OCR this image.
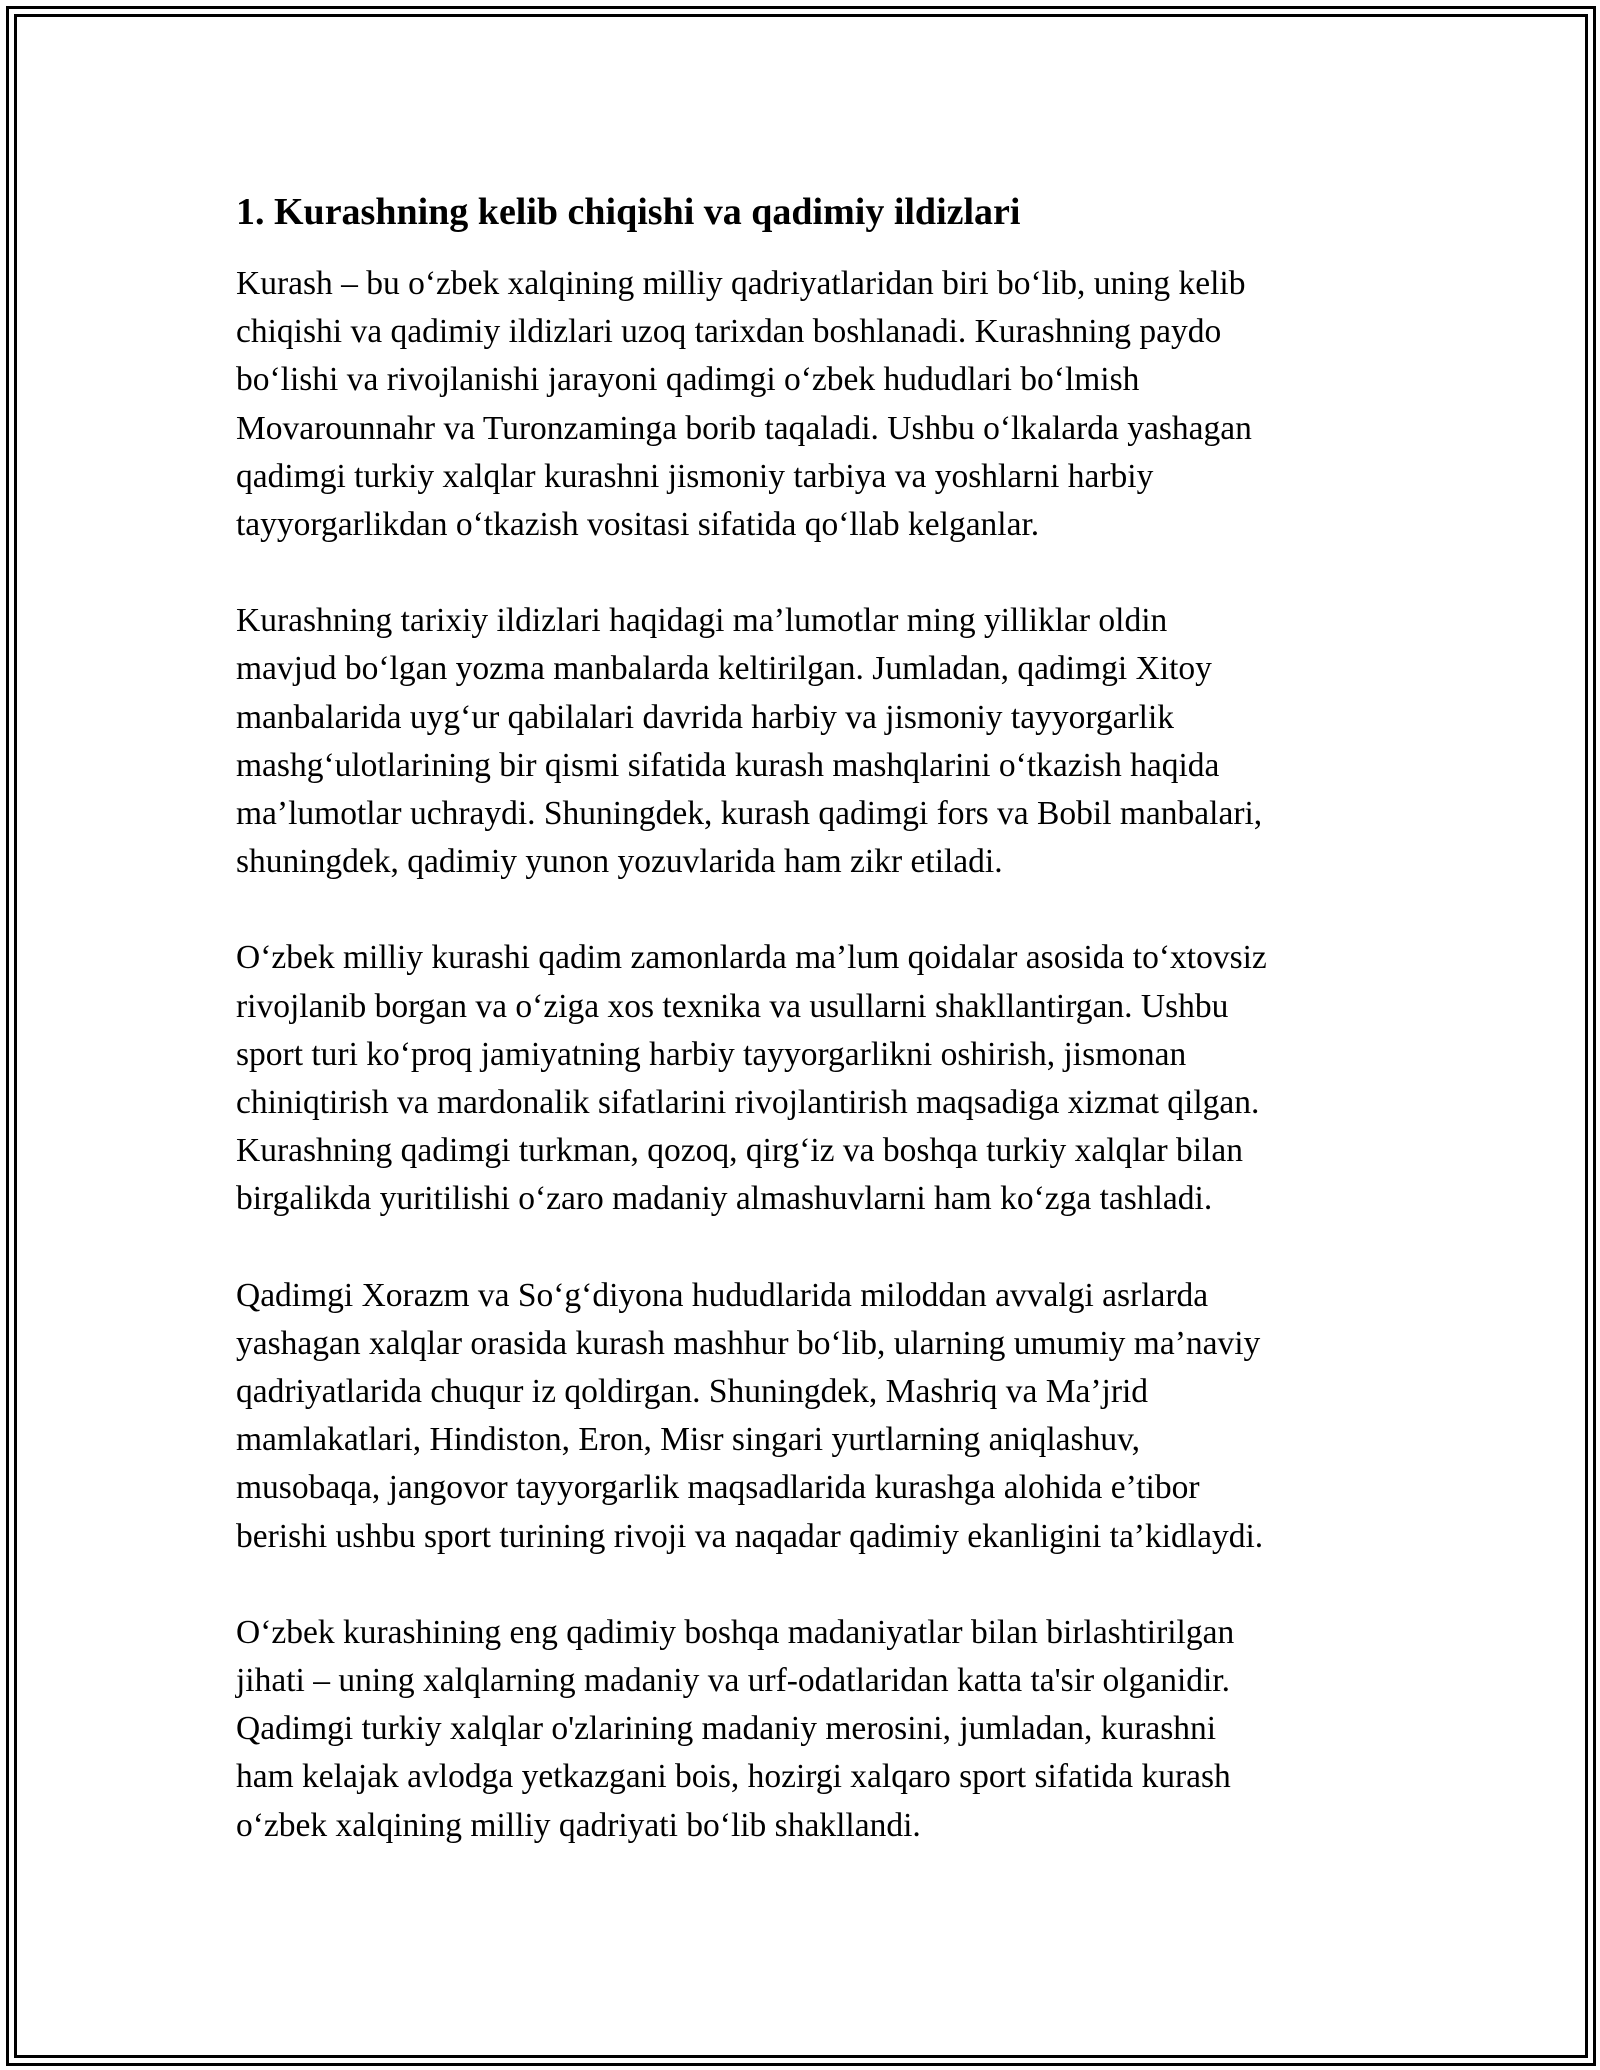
1. Kurashning kelib chiqishi va qadimiy ildizlari

Kurash – bu o‘zbek xalqining milliy qadriyatlaridan biri bo‘lib, uning kelib
chiqishi va qadimiy ildizlari uzoq tarixdan boshlanadi. Kurashning paydo
bo‘lishi va rivojlanishi jarayoni qadimgi o‘zbek hududlari bo‘lmish
Movarounnahr va Turonzaminga borib taqaladi. Ushbu o‘lkalarda yashagan
qadimgi turkiy xalqlar kurashni jismoniy tarbiya va yoshlarni harbiy
tayyorgarlikdan o‘tkazish vositasi sifatida qo‘llab kelganlar.

Kurashning tarixiy ildizlari haqidagi ma’lumotlar ming yilliklar oldin
mavjud bo‘lgan yozma manbalarda keltirilgan. Jumladan, qadimgi Xitoy
manbalarida uyg‘ur qabilalari davrida harbiy va jismoniy tayyorgarlik
mashg‘ulotlarining bir qismi sifatida kurash mashqlarini o‘tkazish haqida
ma’lumotlar uchraydi. Shuningdek, kurash qadimgi fors va Bobil manbalari,
shuningdek, qadimiy yunon yozuvlarida ham zikr etiladi.

O‘zbek milliy kurashi qadim zamonlarda ma’lum qoidalar asosida to‘xtovsiz
rivojlanib borgan va o‘ziga xos texnika va usullarni shakllantirgan. Ushbu
sport turi ko‘proq jamiyatning harbiy tayyorgarlikni oshirish, jismonan
chiniqtirish va mardonalik sifatlarini rivojlantirish maqsadiga xizmat qilgan.
Kurashning qadimgi turkman, qozoq, qirg‘iz va boshqa turkiy xalqlar bilan
birgalikda yuritilishi o‘zaro madaniy almashuvlarni ham ko‘zga tashladi.

Qadimgi Xorazm va So‘g‘diyona hududlarida miloddan avvalgi asrlarda
yashagan xalqlar orasida kurash mashhur bo‘lib, ularning umumiy ma’naviy
qadriyatlarida chuqur iz qoldirgan. Shuningdek, Mashriq va Ma’jrid
mamlakatlari, Hindiston, Eron, Misr singari yurtlarning aniqlashuv,
musobaqa, jangovor tayyorgarlik maqsadlarida kurashga alohida e’tibor
berishi ushbu sport turining rivoji va naqadar qadimiy ekanligini ta’kidlaydi.

O‘zbek kurashining eng qadimiy boshqa madaniyatlar bilan birlashtirilgan
jihati – uning xalqlarning madaniy va urf-odatlaridan katta ta'sir olganidir.
Qadimgi turkiy xalqlar o'zlarining madaniy merosini, jumladan, kurashni
ham kelajak avlodga yetkazgani bois, hozirgi xalqaro sport sifatida kurash
o‘zbek xalqining milliy qadriyati bo‘lib shakllandi.
